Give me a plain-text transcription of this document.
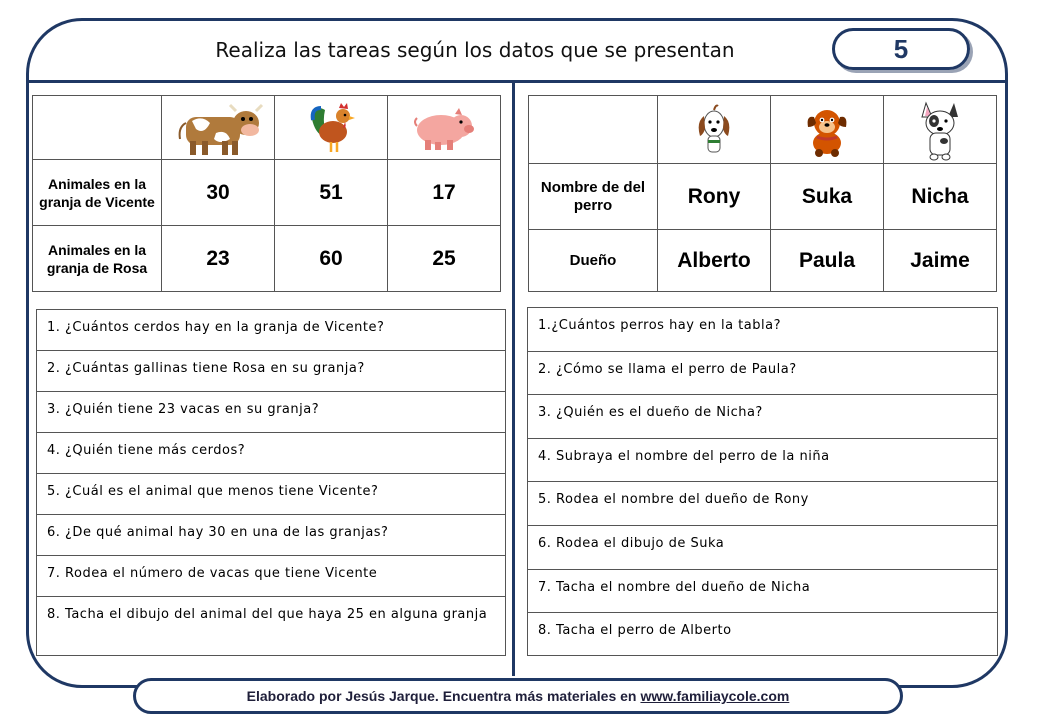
Realiza las tareas según los datos que se presentan	5

Animales en la granja de Vicente	30	51	17
Animales en la granja de Rosa	23	60	25

Nombre de del perro	Rony	Suka	Nicha
Dueño	Alberto	Paula	Jaime
1. ¿Cuántos cerdos hay en la granja de Vicente?
2. ¿Cuántas gallinas tiene Rosa en su granja?
3. ¿Quién tiene 23 vacas en su granja?
4. ¿Quién tiene más cerdos?
5. ¿Cuál es el animal que menos tiene Vicente?
6. ¿De qué animal hay 30 en una de las granjas?
7. Rodea el número de vacas que tiene Vicente
8. Tacha el dibujo del animal del que haya 25 en alguna granja
1.¿Cuántos perros hay en la tabla?
2. ¿Cómo se llama el perro de Paula?
3. ¿Quién es el dueño de Nicha?
4. Subraya el nombre del perro de la niña
5. Rodea el nombre del dueño de Rony
6. Rodea el dibujo de Suka
7. Tacha el nombre del dueño de Nicha
8. Tacha el perro de Alberto
Elaborado por Jesús Jarque. Encuentra más materiales en www.familiaycole.com
